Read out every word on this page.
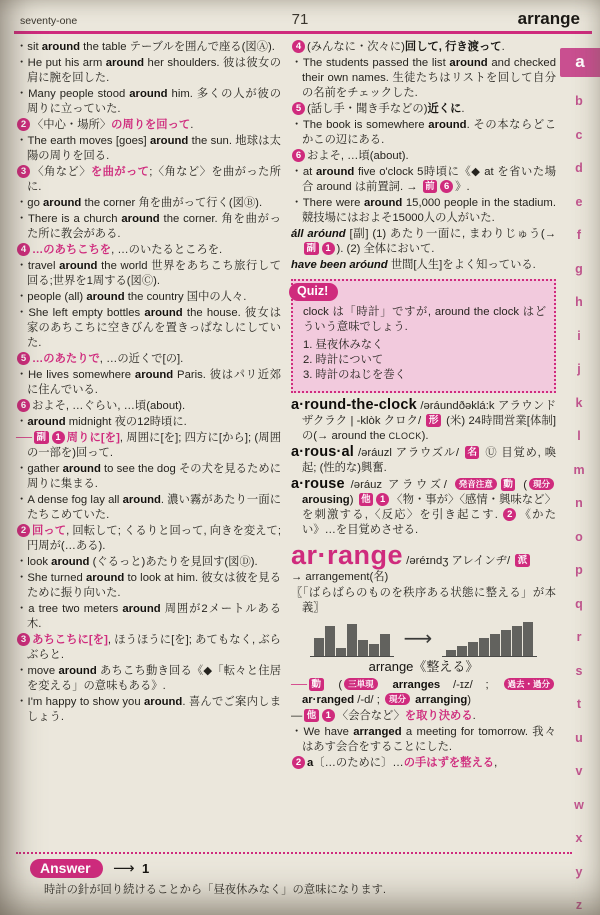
seventy-one	71	arrange

・sit around the table テーブルを囲んで座る(図Ⓐ).

・He put his arm around her shoulders. 彼は彼女の肩に腕を回した.

・Many people stood around him. 多くの人が彼の周りに立っていた.

2 〈中心・場所〉の周りを回って.

・The earth moves [goes] around the sun. 地球は太陽の周りを回る.

3 〈角など〉を曲がって;〈角など〉を曲がった所に.

・go around the corner 角を曲がって行く(図Ⓑ).

・There is a church around the corner. 角を曲がった所に教会がある.

4 …のあちこちを, …のいたるところを.

・travel around the world 世界をあちこち旅行して回る;世界を1周する(図Ⓒ).

・people (all) around the country 国中の人々.

・She left empty bottles around the house. 彼女は家のあちこちに空きびんを置きっぱなしにしていた.

5 …のあたりで, …の近くで[の].

・He lives somewhere around Paris. 彼はパリ近郊に住んでいる.

6 およそ, …ぐらい, …頃(about).

・around midnight 夜の12時頃に.

── 副 1 周りに[を], 周囲に[を]; 四方に[から]; (周囲の一部を)回って.

・gather around to see the dog その犬を見るために周りに集まる.

・A dense fog lay all around. 濃い霧があたり一面にたちこめていた.

2 回って, 回転して; くるりと回って, 向きを変えて; 円周が(…ある).

・look around (ぐるっと)あたりを見回す(図Ⓓ).

・She turned around to look at him. 彼女は彼を見るために振り向いた.

・a tree two meters around 周囲が2メートルある木.

3 あちこちに[を], ほうほうに[を]; あてもなく, ぶらぶらと.

・move around あちこち動き回る《◆「転々と住居を変える」の意味もある》.

・I'm happy to show you around. 喜んでご案内しましょう.

4 (みんなに・次々に)回して, 行き渡って.

・The students passed the list around and checked their own names. 生徒たちはリストを回して自分の名前をチェックした.

5 (話し手・聞き手などの)近くに.

・The book is somewhere around. その本ならどこかこの辺にある.

6 およそ, …頃(about).

・at around five o'clock 5時頃に《◆ at を省いた場合 around は前置詞. → 前 6 》.

・There were around 15,000 people in the stadium. 競技場にはおよそ15000人の人がいた.

áll aróund [副] (1) あたり一面に, まわりじゅう(→ 副 1 ). (2) 全体において.

have been aróund 世間[人生]をよく知っている.

Quiz!
clock は「時計」ですが, around the clock はどういう意味でしょう.
1. 昼夜休みなく
2. 時計について
3. 時計のねじを巻く

a·round-the-clock /əráundðəklá:k アラウンドザクラク | -klòk クロク/ 形 (米) 24時間営業[体制]の(→ around the CLOCK).

a·rous·al /əráuzl アラウズル/ 名 Ⓤ 目覚め, 喚起; (性的な)興奮.

a·rouse /əráuz アラウズ/ 発音注意 動 ( 現分 arousing) 他 1 〈物・事が〉〈感情・興味など〉を刺激する,〈反応〉を引き起こす. 2 《かたい》…を目覚めさせる.

ar·range /əréɪndʒ アレインヂ/ 派

→ arrangement(名)

〖「ばらばらのものを秩序ある状態に整える」が本義〗

⟶
arrange《整える》

── 動 ( 三単現 arranges /-ɪz/ ; 過去・過分 ar·ranged /-d/ ; 現分 arranging)

— 他 1 〈会合など〉を取り決める.

・We have arranged a meeting for tomorrow. 我々はあす会合をすることにした.

2 a〔…のために〕…の手はずを整える,

Answer ⟶ 1
時計の針が回り続けることから「昼夜休みなく」の意味になります.
a
b
c
d
e
f
g
h
i
j
k
l
m
n
o
p
q
r
s
t
u
v
w
x
y
z
